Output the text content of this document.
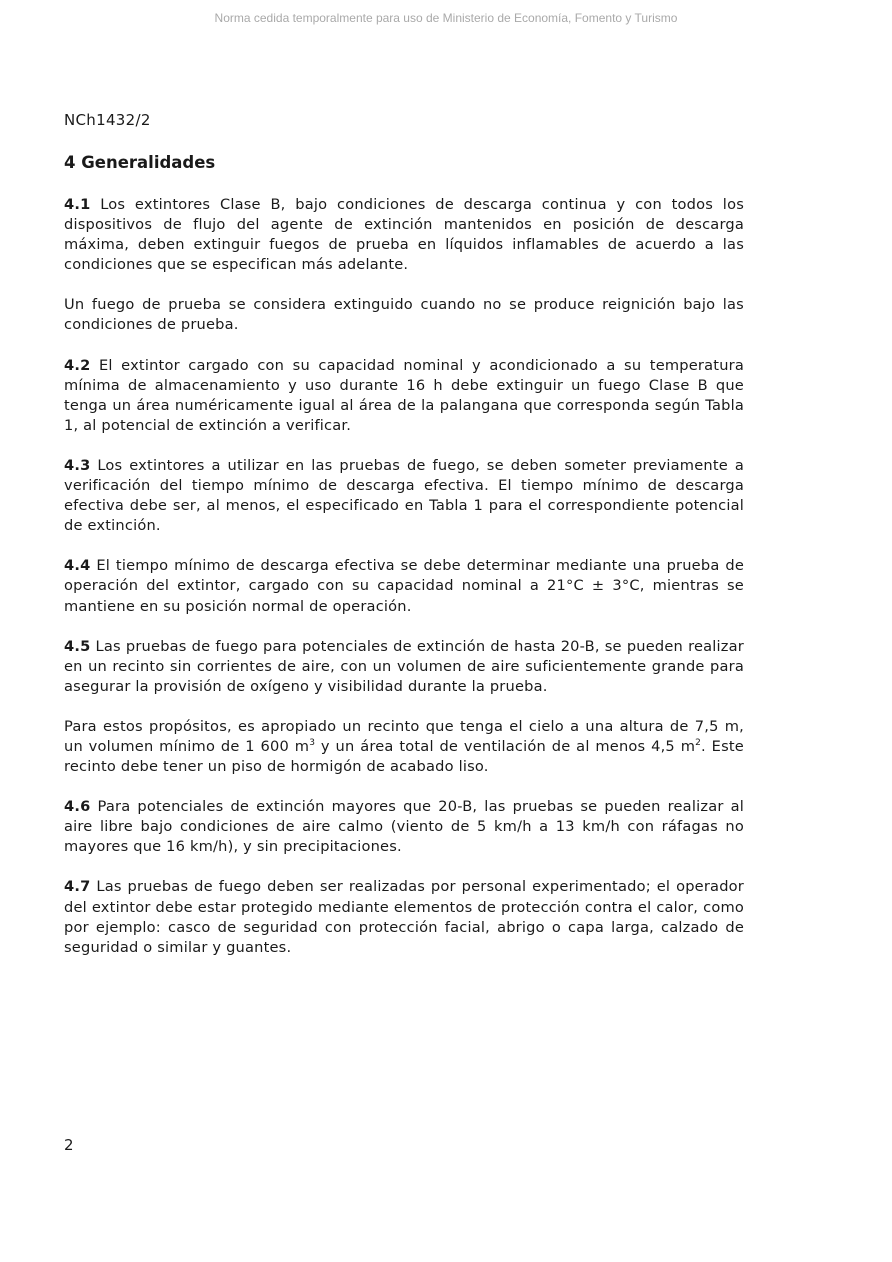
Norma cedida temporalmente para uso de Ministerio de Economía, Fomento y Turismo
NCh1432/2
4 Generalidades

4.1 Los extintores Clase B, bajo condiciones de descarga continua y con todos los dispositivos de flujo del agente de extinción mantenidos en posición de descarga máxima, deben extinguir fuegos de prueba en líquidos inflamables de acuerdo a las condiciones que se especifican más adelante.

Un fuego de prueba se considera extinguido cuando no se produce reignición bajo las condiciones de prueba.

4.2 El extintor cargado con su capacidad nominal y acondicionado a su temperatura mínima de almacenamiento y uso durante 16 h debe extinguir un fuego Clase B que tenga un área numéricamente igual al área de la palangana que corresponda según Tabla 1, al potencial de extinción a verificar.

4.3 Los extintores a utilizar en las pruebas de fuego, se deben someter previamente a verificación del tiempo mínimo de descarga efectiva. El tiempo mínimo de descarga efectiva debe ser, al menos, el especificado en Tabla 1 para el correspondiente potencial de extinción.

4.4 El tiempo mínimo de descarga efectiva se debe determinar mediante una prueba de operación del extintor, cargado con su capacidad nominal a 21°C ± 3°C, mientras se mantiene en su posición normal de operación.

4.5 Las pruebas de fuego para potenciales de extinción de hasta 20-B, se pueden realizar en un recinto sin corrientes de aire, con un volumen de aire suficientemente grande para asegurar la provisión de oxígeno y visibilidad durante la prueba.

Para estos propósitos, es apropiado un recinto que tenga el cielo a una altura de 7,5 m, un volumen mínimo de 1 600 $m^3$ y un área total de ventilación de al menos 4,5 $m^2$. Este recinto debe tener un piso de hormigón de acabado liso.

4.6 Para potenciales de extinción mayores que 20-B, las pruebas se pueden realizar al aire libre bajo condiciones de aire calmo (viento de 5 km/h a 13 km/h con ráfagas no mayores que 16 km/h), y sin precipitaciones.

4.7 Las pruebas de fuego deben ser realizadas por personal experimentado; el operador del extintor debe estar protegido mediante elementos de protección contra el calor, como por ejemplo: casco de seguridad con protección facial, abrigo o capa larga, calzado de seguridad o similar y guantes.

2
